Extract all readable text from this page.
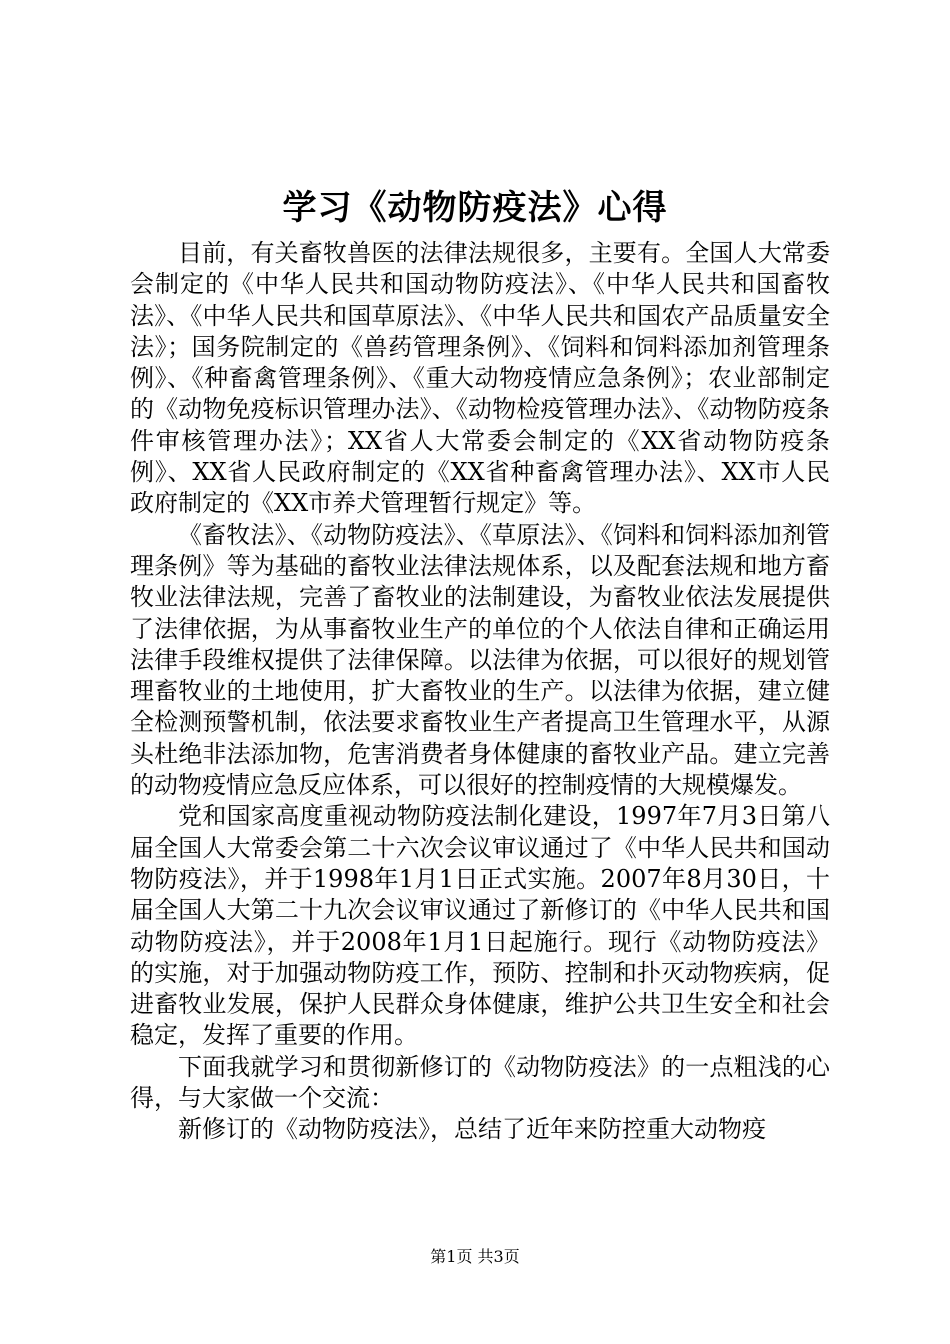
学习《动物防疫法》心得

目前，有关畜牧兽医的法律法规很多，主要有。全国人大常委会制定的《中华人民共和国动物防疫法》、《中华人民共和国畜牧法》、《中华人民共和国草原法》、《中华人民共和国农产品质量安全法》；国务院制定的《兽药管理条例》、《饲料和饲料添加剂管理条例》、《种畜禽管理条例》、《重大动物疫情应急条例》；农业部制定的《动物免疫标识管理办法》、《动物检疫管理办法》、《动物防疫条件审核管理办法》；XX省人大常委会制定的《XX省动物防疫条例》、XX省人民政府制定的《XX省种畜禽管理办法》、XX市人民政府制定的《XX市养犬管理暂行规定》等。

《畜牧法》、《动物防疫法》、《草原法》、《饲料和饲料添加剂管理条例》等为基础的畜牧业法律法规体系，以及配套法规和地方畜牧业法律法规，完善了畜牧业的法制建设，为畜牧业依法发展提供了法律依据，为从事畜牧业生产的单位的个人依法自律和正确运用法律手段维权提供了法律保障。以法律为依据，可以很好的规划管理畜牧业的土地使用，扩大畜牧业的生产。以法律为依据，建立健全检测预警机制，依法要求畜牧业生产者提高卫生管理水平，从源头杜绝非法添加物，危害消费者身体健康的畜牧业产品。建立完善的动物疫情应急反应体系，可以很好的控制疫情的大规模爆发。

党和国家高度重视动物防疫法制化建设，1997年7月3日第八届全国人大常委会第二十六次会议审议通过了《中华人民共和国动物防疫法》，并于1998年1月1日正式实施。2007年8月30日，十届全国人大第二十九次会议审议通过了新修订的《中华人民共和国动物防疫法》，并于2008年1月1日起施行。现行《动物防疫法》的实施，对于加强动物防疫工作，预防、控制和扑灭动物疾病，促进畜牧业发展，保护人民群众身体健康，维护公共卫生安全和社会稳定，发挥了重要的作用。

下面我就学习和贯彻新修订的《动物防疫法》的一点粗浅的心得，与大家做一个交流：

新修订的《动物防疫法》，总结了近年来防控重大动物疫

第1页 共3页
